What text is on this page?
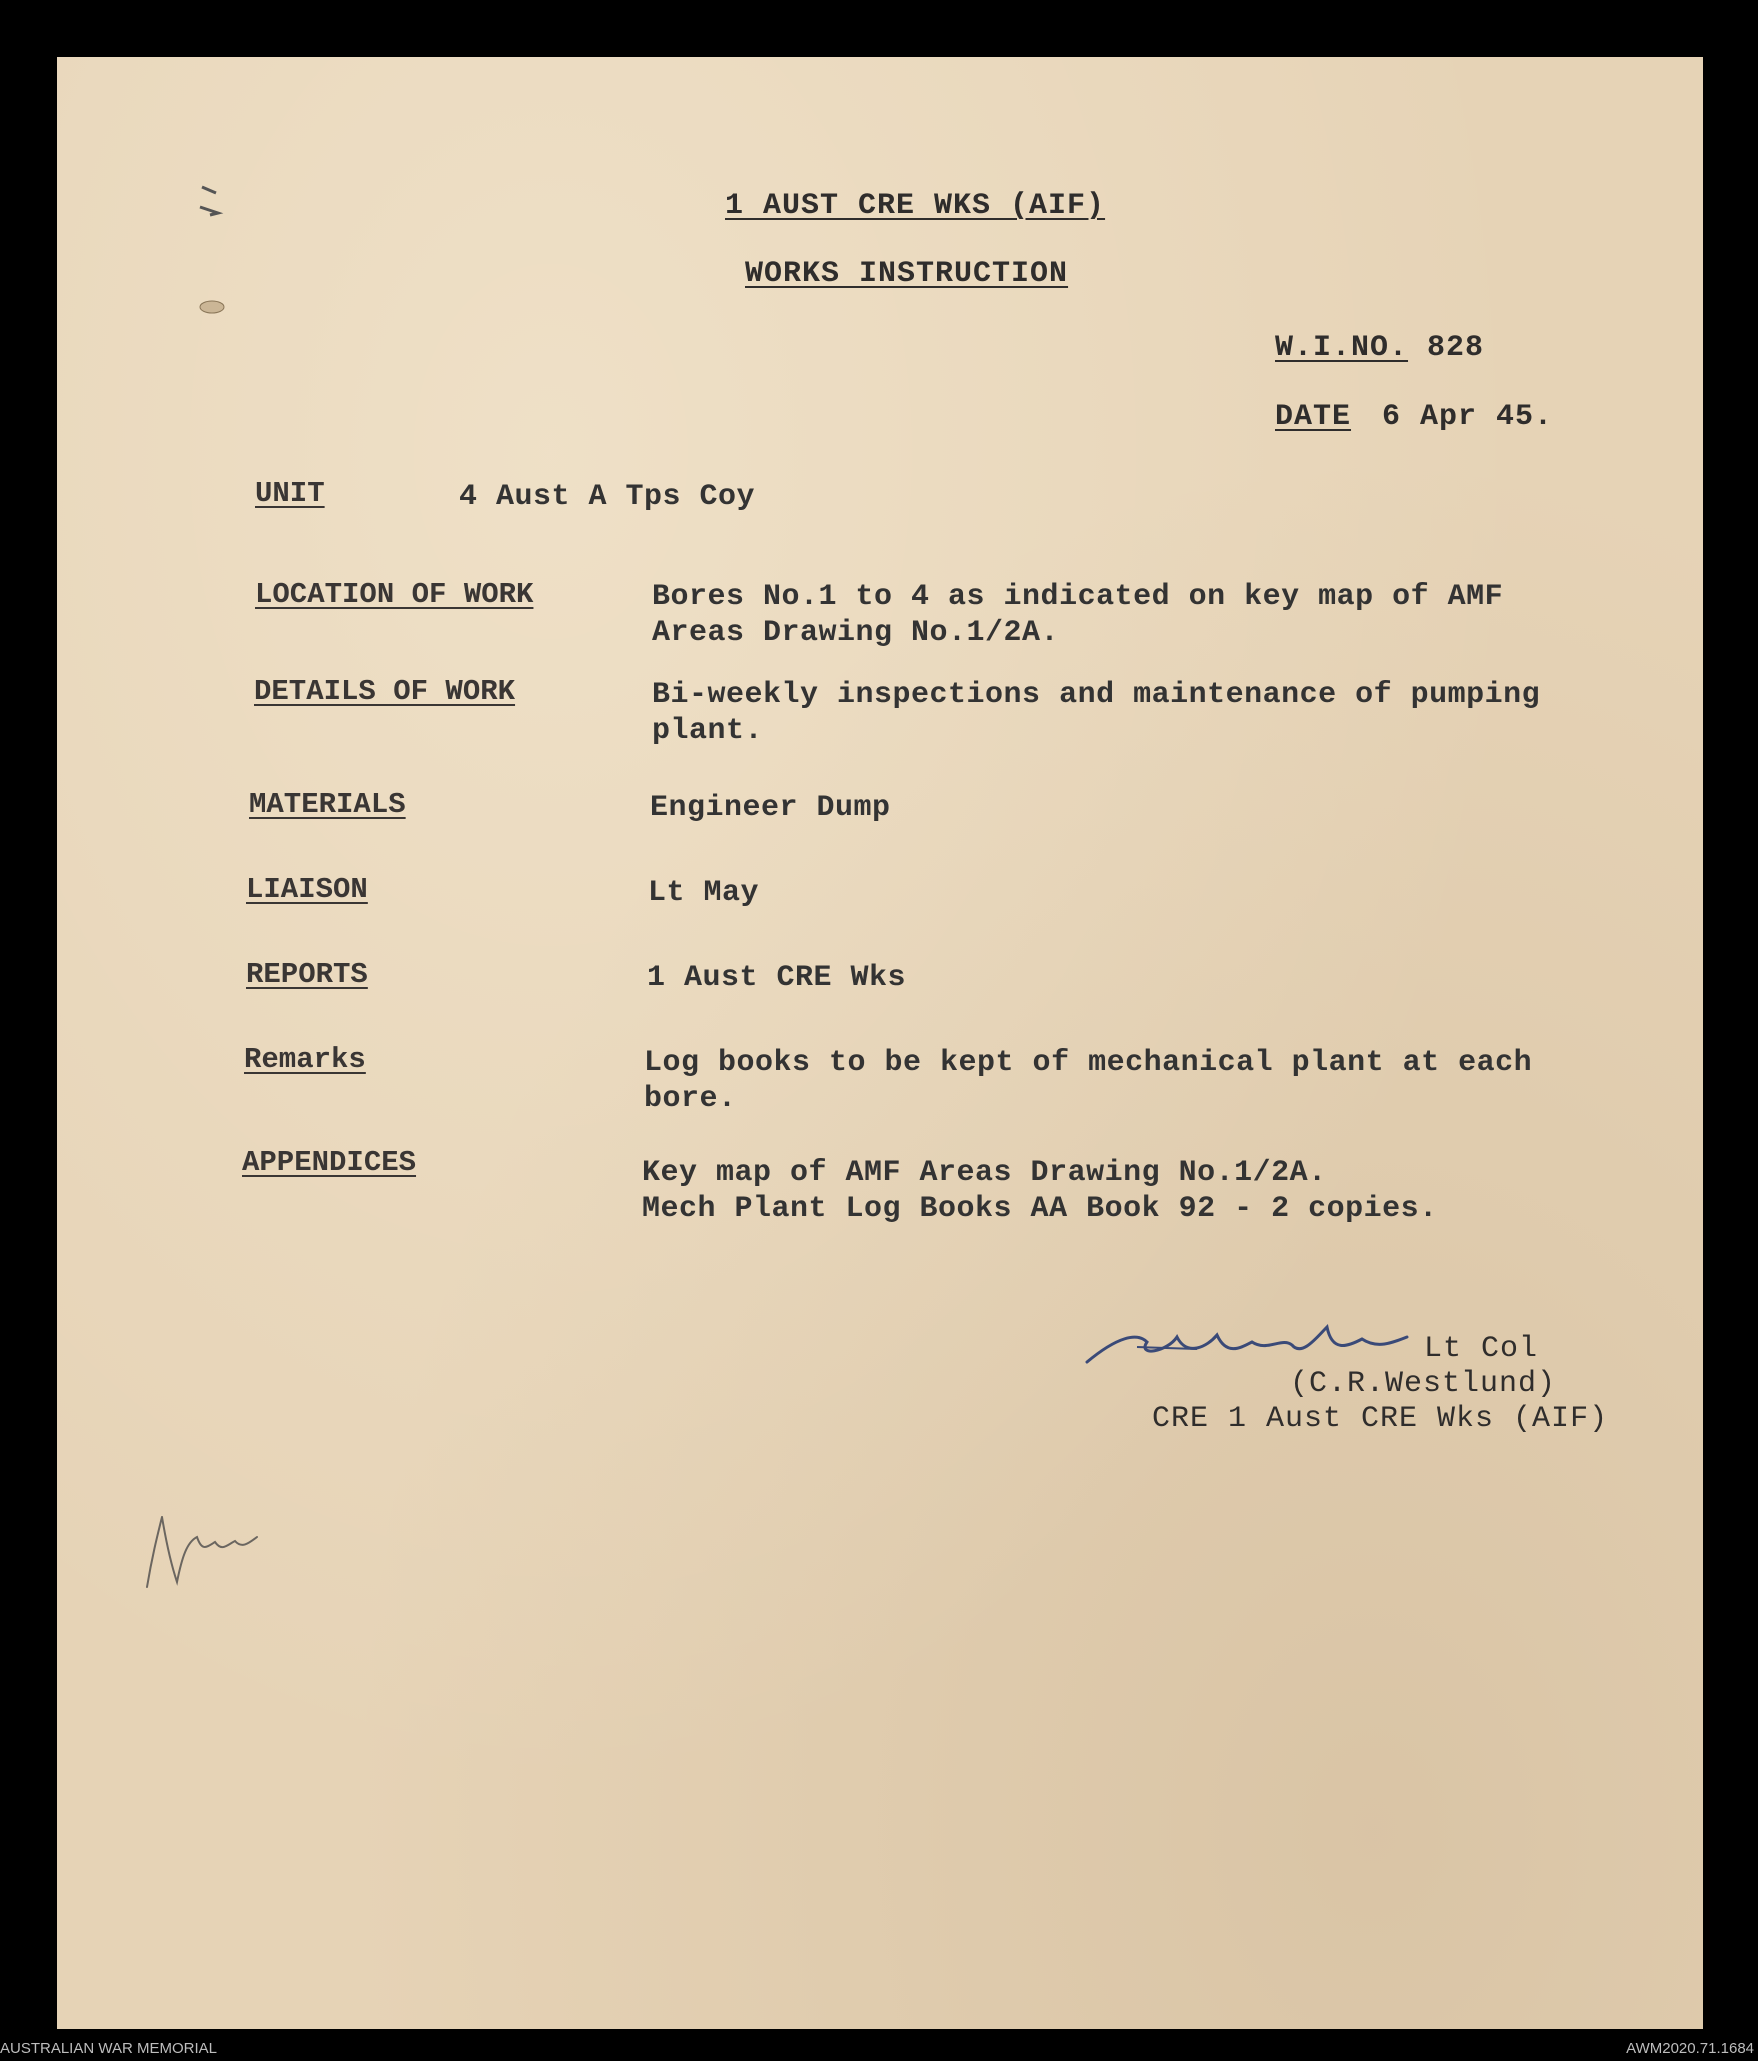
1 AUST CRE WKS (AIF)
WORKS INSTRUCTION
W.I.NO. 828
DATE 6 Apr 45.
UNIT	4 Aust A Tps Coy
LOCATION OF WORK	Bores No.1 to 4 as indicated on key map of AMF
Areas Drawing No.1/2A.
DETAILS OF WORK	Bi-weekly inspections and maintenance of pumping
plant.
MATERIALS	Engineer Dump
LIAISON	Lt May
REPORTS	1 Aust CRE Wks
Remarks	Log books to be kept of mechanical plant at each
bore.
APPENDICES	Key map of AMF Areas Drawing No.1/2A.
Mech Plant Log Books AA Book 92 - 2 copies.
Lt Col
(C.R.Westlund)
CRE 1 Aust CRE Wks (AIF)
AUSTRALIAN WAR MEMORIAL	AWM2020.71.1684
